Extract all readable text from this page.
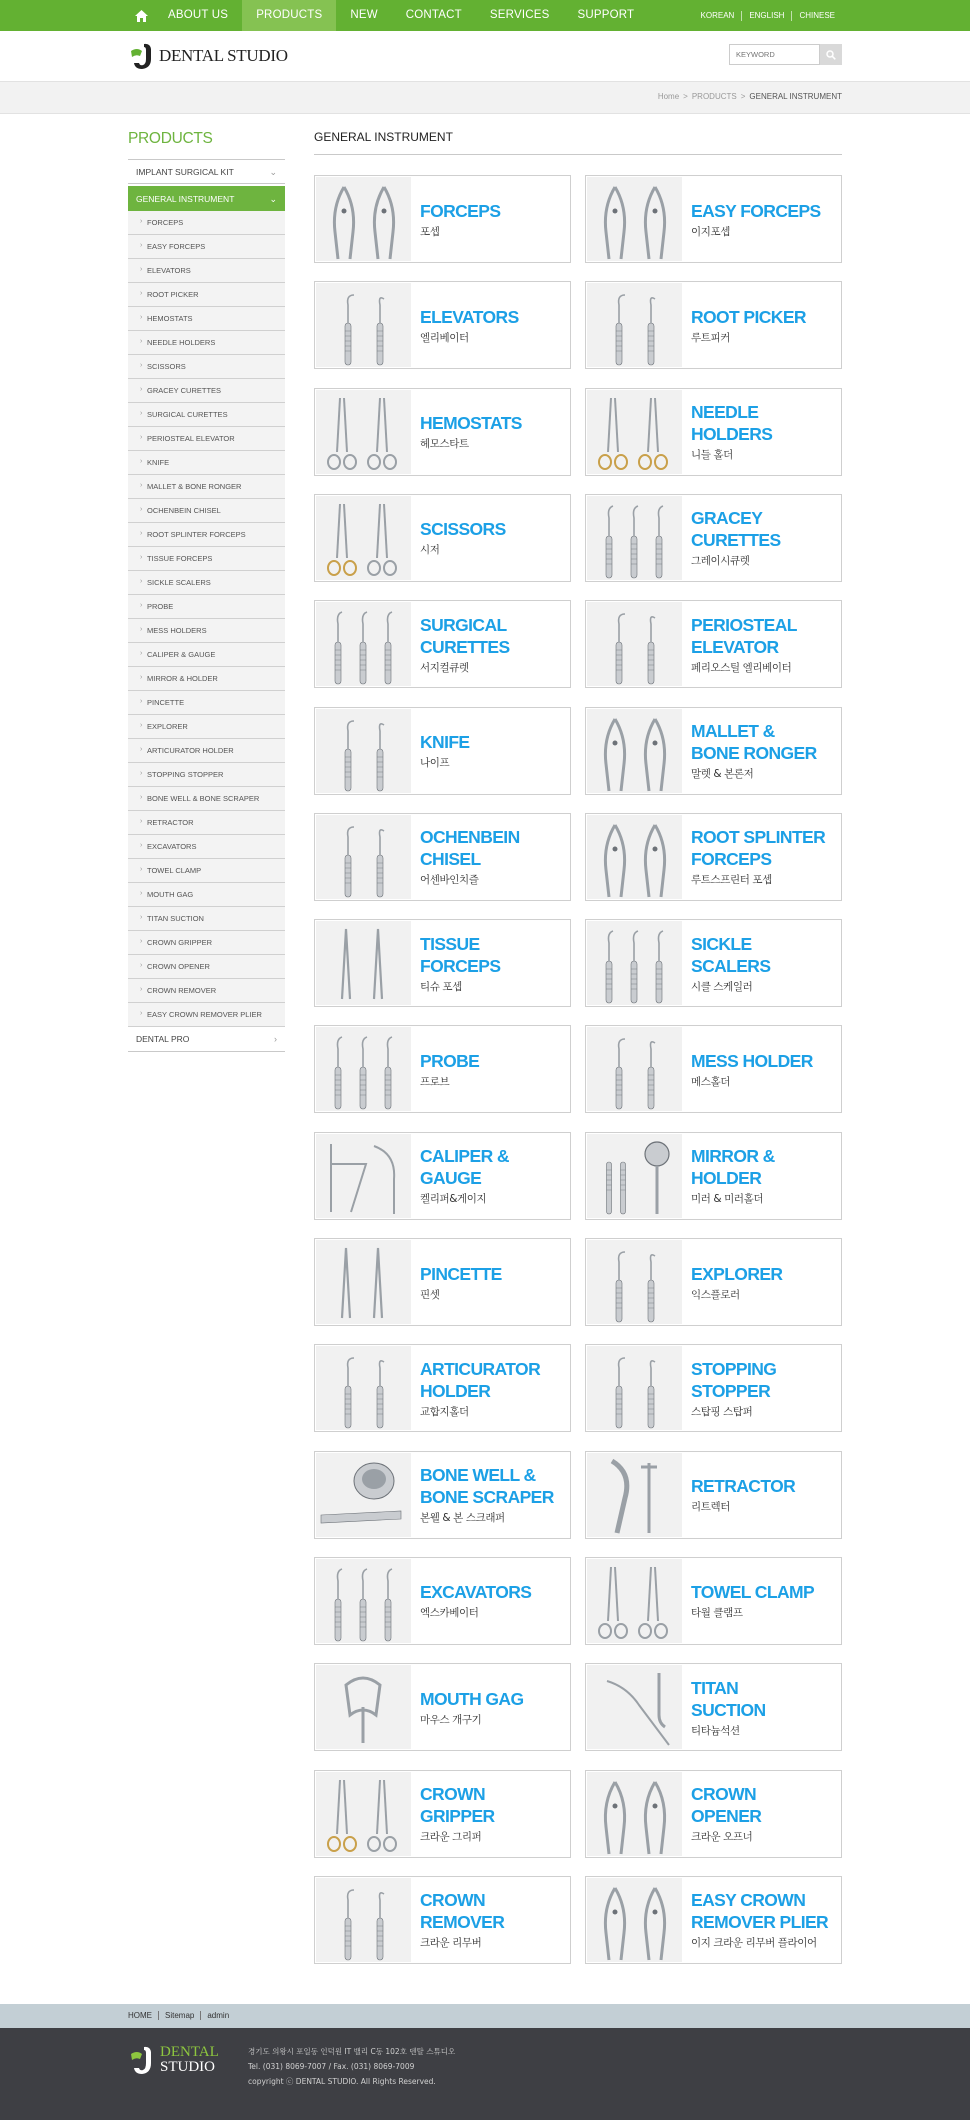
ABOUT US	PRODUCTS	NEW	CONTACT	SERVICES	SUPPORT	KOREAN	ENGLISH	CHINESE
DENTAL STUDIO
KEYWORD
Home > PRODUCTS > GENERAL INSTRUMENT
PRODUCTS
IMPLANT SURGICAL KIT	⌄
GENERAL INSTRUMENT	⌄
› FORCEPS
› EASY FORCEPS
› ELEVATORS
› ROOT PICKER
› HEMOSTATS
› NEEDLE HOLDERS
› SCISSORS
› GRACEY CURETTES
› SURGICAL CURETTES
› PERIOSTEAL ELEVATOR
› KNIFE
› MALLET & BONE RONGER
› OCHENBEIN CHISEL
› ROOT SPLINTER FORCEPS
› TISSUE FORCEPS
› SICKLE SCALERS
› PROBE
› MESS HOLDERS
› CALIPER & GAUGE
› MIRROR & HOLDER
› PINCETTE
› EXPLORER
› ARTICURATOR HOLDER
› STOPPING STOPPER
› BONE WELL & BONE SCRAPER
› RETRACTOR
› EXCAVATORS
› TOWEL CLAMP
› MOUTH GAG
› TITAN SUCTION
› CROWN GRIPPER
› CROWN OPENER
› CROWN REMOVER
› EASY CROWN REMOVER PLIER
DENTAL PRO	›
GENERAL INSTRUMENT
FORCEPS
포셉
EASY FORCEPS
이지포셉
ELEVATORS
엘리베이터
ROOT PICKER
루트피커
HEMOSTATS
헤모스타트
NEEDLE
HOLDERS
니들 홀더
SCISSORS
시저
GRACEY
CURETTES
그레이시큐렛
SURGICAL
CURETTES
서지컬큐렛
PERIOSTEAL
ELEVATOR
페리오스틸 엘리베이터
KNIFE
나이프
MALLET &
BONE RONGER
말렛 & 본론저
OCHENBEIN
CHISEL
어센바인치즐
ROOT SPLINTER
FORCEPS
루트스프린터 포셉
TISSUE
FORCEPS
티슈 포셉
SICKLE
SCALERS
시클 스케일러
PROBE
프로브
MESS HOLDER
메스홀더
CALIPER &
GAUGE
켈리퍼&게이지
MIRROR &
HOLDER
미러 & 미러홀더
PINCETTE
핀셋
EXPLORER
익스플로러
ARTICURATOR
HOLDER
교합지홀더
STOPPING
STOPPER
스탑핑 스탑퍼
BONE WELL &
BONE SCRAPER
본웰 & 본 스크래퍼
RETRACTOR
리트렉터
EXCAVATORS
엑스카베이터
TOWEL CLAMP
타월 클램프
MOUTH GAG
마우스 개구기
TITAN
SUCTION
티타늄석션
CROWN
GRIPPER
크라운 그리퍼
CROWN
OPENER
크라운 오프너
CROWN
REMOVER
크라운 리무버
EASY CROWN
REMOVER PLIER
이지 크라운 리무버 플라이어
HOME	Sitemap	admin
DENTAL
STUDIO
경기도 의왕시 포일동 인덕원 IT 밸리 C동 102호 덴탈 스튜디오
Tel. (031) 8069-7007 / Fax. (031) 8069-7009
copyright ⓒ DENTAL STUDIO. All Rights Reserved.
